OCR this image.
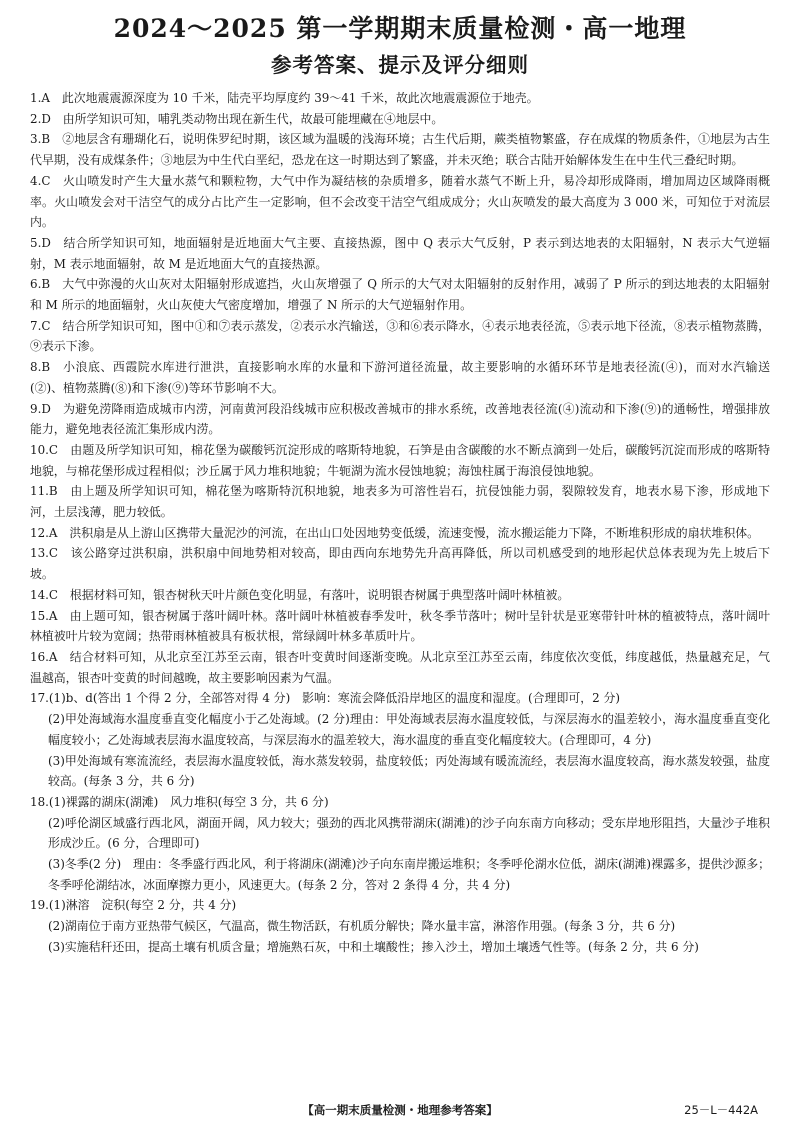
2024～2025 第一学期期末质量检测・高一地理
参考答案、提示及评分细则

1.A　此次地震震源深度为 10 千米，陆壳平均厚度约 39～41 千米，故此次地震震源位于地壳。

2.D　由所学知识可知，哺乳类动物出现在新生代，故最可能埋藏在④地层中。

3.B　②地层含有珊瑚化石，说明侏罗纪时期，该区域为温暖的浅海环境；古生代后期，蕨类植物繁盛，存在成煤的物质条件，①地层为古生代早期，没有成煤条件；③地层为中生代白垩纪，恐龙在这一时期达到了繁盛，并未灭绝；联合古陆开始解体发生在中生代三叠纪时期。

4.C　火山喷发时产生大量水蒸气和颗粒物，大气中作为凝结核的杂质增多，随着水蒸气不断上升，易冷却形成降雨，增加周边区域降雨概率。火山喷发会对干洁空气的成分占比产生一定影响，但不会改变干洁空气组成成分；火山灰喷发的最大高度为 3 000 米，可知位于对流层内。

5.D　结合所学知识可知，地面辐射是近地面大气主要、直接热源，图中 Q 表示大气反射，P 表示到达地表的太阳辐射，N 表示大气逆辐射，M 表示地面辐射，故 M 是近地面大气的直接热源。

6.B　大气中弥漫的火山灰对太阳辐射形成遮挡，火山灰增强了 Q 所示的大气对太阳辐射的反射作用，减弱了 P 所示的到达地表的太阳辐射和 M 所示的地面辐射，火山灰使大气密度增加，增强了 N 所示的大气逆辐射作用。

7.C　结合所学知识可知，图中①和⑦表示蒸发，②表示水汽输送，③和⑥表示降水，④表示地表径流，⑤表示地下径流，⑧表示植物蒸腾，⑨表示下渗。

8.B　小浪底、西霞院水库进行泄洪，直接影响水库的水量和下游河道径流量，故主要影响的水循环环节是地表径流(④)，而对水汽输送(②)、植物蒸腾(⑧)和下渗(⑨)等环节影响不大。

9.D　为避免涝降雨造成城市内涝，河南黄河段沿线城市应积极改善城市的排水系统，改善地表径流(④)流动和下渗(⑨)的通畅性，增强排放能力，避免地表径流汇集形成内涝。

10.C　由题及所学知识可知，棉花堡为碳酸钙沉淀形成的喀斯特地貌，石笋是由含碳酸的水不断点滴到一处后，碳酸钙沉淀而形成的喀斯特地貌，与棉花堡形成过程相似；沙丘属于风力堆积地貌；牛轭湖为流水侵蚀地貌；海蚀柱属于海浪侵蚀地貌。

11.B　由上题及所学知识可知，棉花堡为喀斯特沉积地貌，地表多为可溶性岩石，抗侵蚀能力弱，裂隙较发育，地表水易下渗，形成地下河，土层浅薄，肥力较低。

12.A　洪积扇是从上游山区携带大量泥沙的河流，在出山口处因地势变低缓，流速变慢，流水搬运能力下降，不断堆积形成的扇状堆积体。

13.C　该公路穿过洪积扇，洪积扇中间地势相对较高，即由西向东地势先升高再降低，所以司机感受到的地形起伏总体表现为先上坡后下坡。

14.C　根据材料可知，银杏树秋天叶片颜色变化明显，有落叶，说明银杏树属于典型落叶阔叶林植被。

15.A　由上题可知，银杏树属于落叶阔叶林。落叶阔叶林植被春季发叶，秋冬季节落叶；树叶呈针状是亚寒带针叶林的植被特点，落叶阔叶林植被叶片较为宽阔；热带雨林植被具有板状根，常绿阔叶林多革质叶片。

16.A　结合材料可知，从北京至江苏至云南，银杏叶变黄时间逐渐变晚。从北京至江苏至云南，纬度依次变低，纬度越低，热量越充足，气温越高，银杏叶变黄的时间越晚，故主要影响因素为气温。

17.(1)b、d(答出 1 个得 2 分，全部答对得 4 分)　影响：寒流会降低沿岸地区的温度和湿度。(合理即可，2 分)

(2)甲处海域海水温度垂直变化幅度小于乙处海域。(2 分)理由：甲处海域表层海水温度较低，与深层海水的温差较小，海水温度垂直变化幅度较小；乙处海域表层海水温度较高，与深层海水的温差较大，海水温度的垂直变化幅度较大。(合理即可，4 分)

(3)甲处海域有寒流流经，表层海水温度较低，海水蒸发较弱，盐度较低；丙处海域有暖流流经，表层海水温度较高，海水蒸发较强，盐度较高。(每条 3 分，共 6 分)

18.(1)裸露的湖床(湖滩)　风力堆积(每空 3 分，共 6 分)

(2)呼伦湖区域盛行西北风，湖面开阔，风力较大；强劲的西北风携带湖床(湖滩)的沙子向东南方向移动；受东岸地形阻挡，大量沙子堆积形成沙丘。(6 分，合理即可)

(3)冬季(2 分)　理由：冬季盛行西北风，利于将湖床(湖滩)沙子向东南岸搬运堆积；冬季呼伦湖水位低，湖床(湖滩)裸露多，提供沙源多；冬季呼伦湖结冰，冰面摩擦力更小，风速更大。(每条 2 分，答对 2 条得 4 分，共 4 分)

19.(1)淋溶　淀积(每空 2 分，共 4 分)

(2)湖南位于南方亚热带气候区，气温高，微生物活跃，有机质分解快；降水量丰富，淋溶作用强。(每条 3 分，共 6 分)

(3)实施秸秆还田，提高土壤有机质含量；增施熟石灰，中和土壤酸性；掺入沙土，增加土壤透气性等。(每条 2 分，共 6 分)

【高一期末质量检测・地理参考答案】	25－L－442A
